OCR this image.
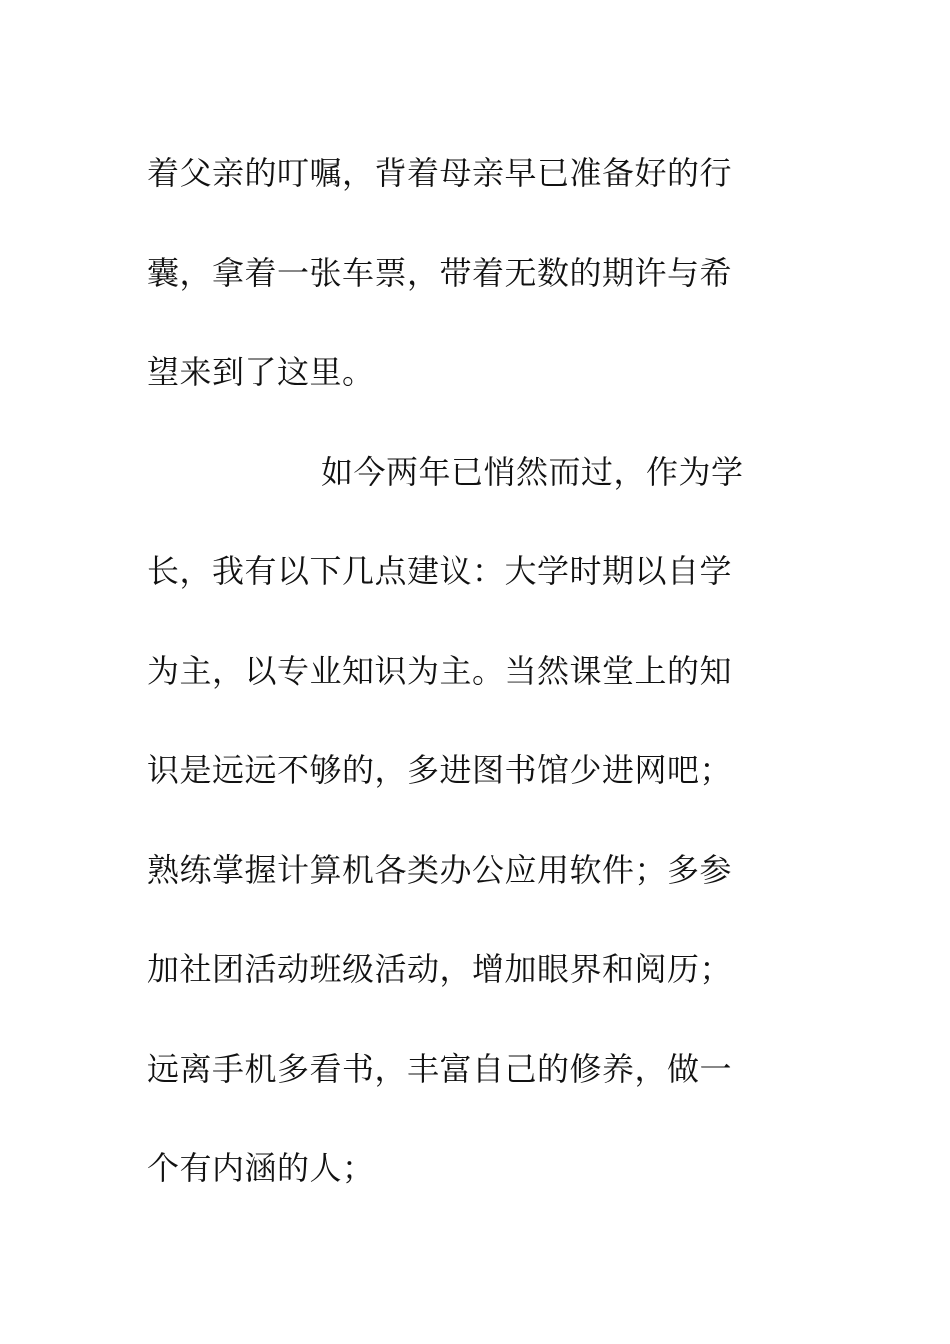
着父亲的叮嘱，背着母亲早已准备好的行
囊，拿着一张车票，带着无数的期许与希
望来到了这里。
如今两年已悄然而过，作为学
长，我有以下几点建议：大学时期以自学
为主，以专业知识为主。当然课堂上的知
识是远远不够的，多进图书馆少进网吧；
熟练掌握计算机各类办公应用软件；多参
加社团活动班级活动，增加眼界和阅历；
远离手机多看书，丰富自己的修养，做一
个有内涵的人；
